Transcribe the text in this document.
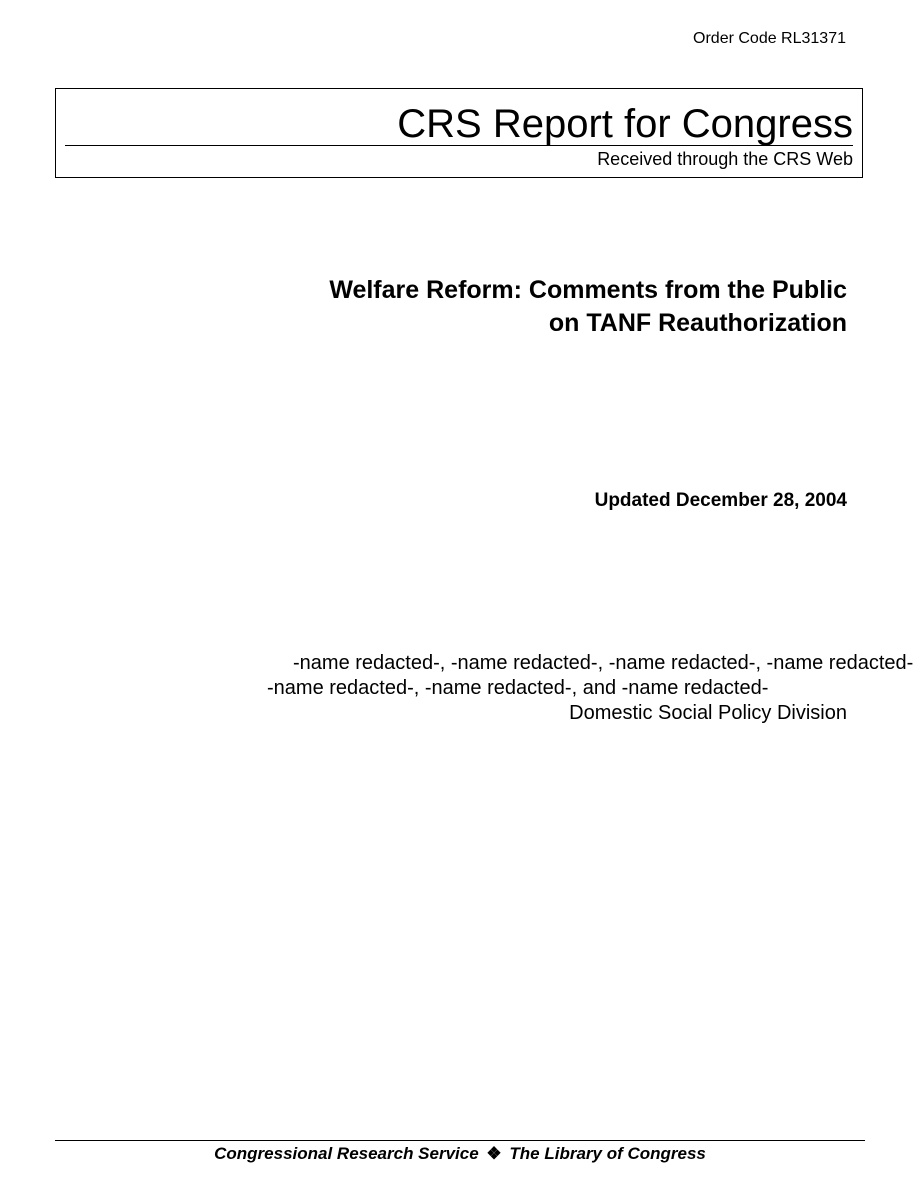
Order Code RL31371
CRS Report for Congress
Received through the CRS Web
Welfare Reform: Comments from the Public
on TANF Reauthorization
Updated December 28, 2004
-name redacted-, -name redacted-, -name redacted-, -name redacted-
-name redacted-, -name redacted-, and -name redacted-
Domestic Social Policy Division
Congressional Research Service ❖ The Library of Congress
